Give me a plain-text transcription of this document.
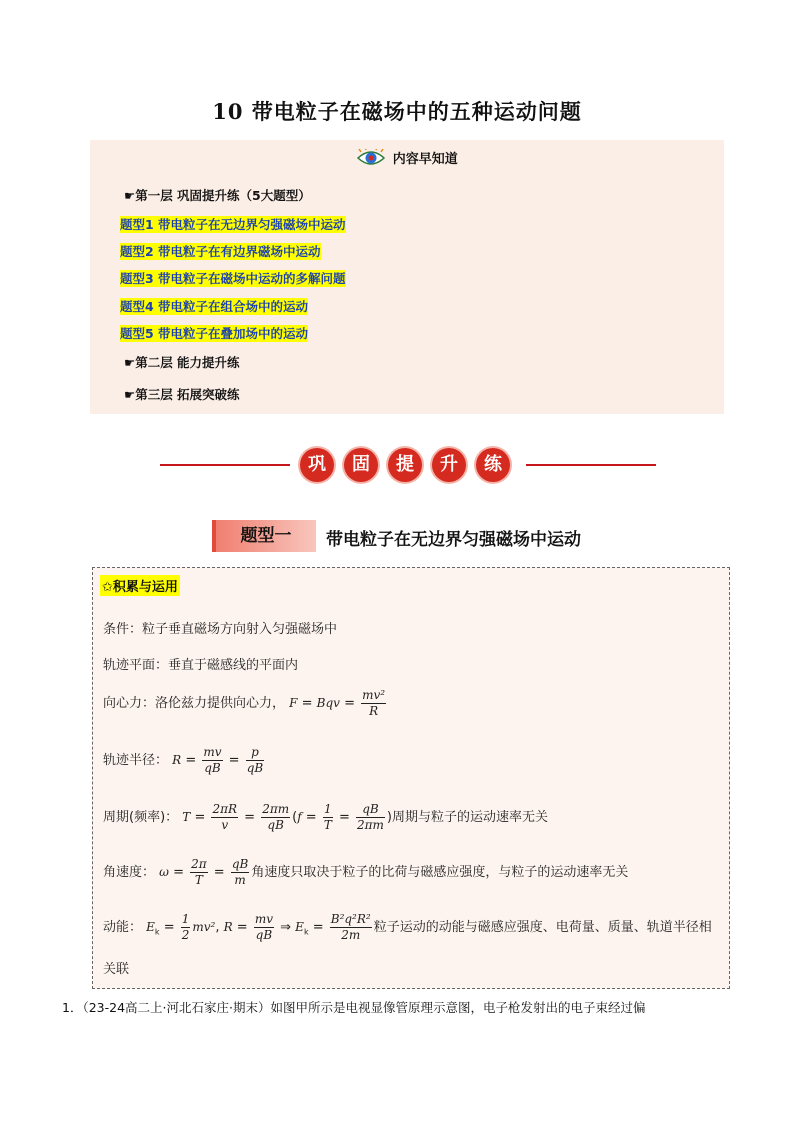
10 带电粒子在磁场中的五种运动问题
内容早知道
☛第一层 巩固提升练（5大题型）
题型1 带电粒子在无边界匀强磁场中运动
题型2 带电粒子在有边界磁场中运动
题型3 带电粒子在磁场中运动的多解问题
题型4 带电粒子在组合场中的运动
题型5 带电粒子在叠加场中的运动
☛第二层 能力提升练
☛第三层 拓展突破练
巩	固	提	升	练
题型一	带电粒子在无边界匀强磁场中运动
✩积累与运用
条件：粒子垂直磁场方向射入匀强磁场中
轨迹平面：垂直于磁感线的平面内
向心力：洛伦兹力提供向心力， F = Bqv = $\frac{\text{mv²}}{R}$
轨迹半径： $R = \frac{mv}{qB} = \frac{p}{qB}$
周期(频率)： $T = \frac{2\pi R}{v} = \frac{2\pi m}{qB} (f = \frac{1}{T} = \frac{qB}{2\pi m}$ )周期与粒子的运动速率无关
角速度： $\omega = \frac{2\pi}{T} = \frac{qB}{m}$ 角速度只取决于粒子的比荷与磁感应强度，与粒子的运动速率无关
动能： $E_k = \frac{1}{2} mv^2$, $R = \frac{mv}{qB}$ ⇒ $E_k = \frac{\text{B²q²R²}}{2m}$ 粒子运动的动能与磁感应强度、电荷量、质量、轨道半径相
关联
1．（23-24高二上·河北石家庄·期末）如图甲所示是电视显像管原理示意图，电子枪发射出的电子束经过偏
